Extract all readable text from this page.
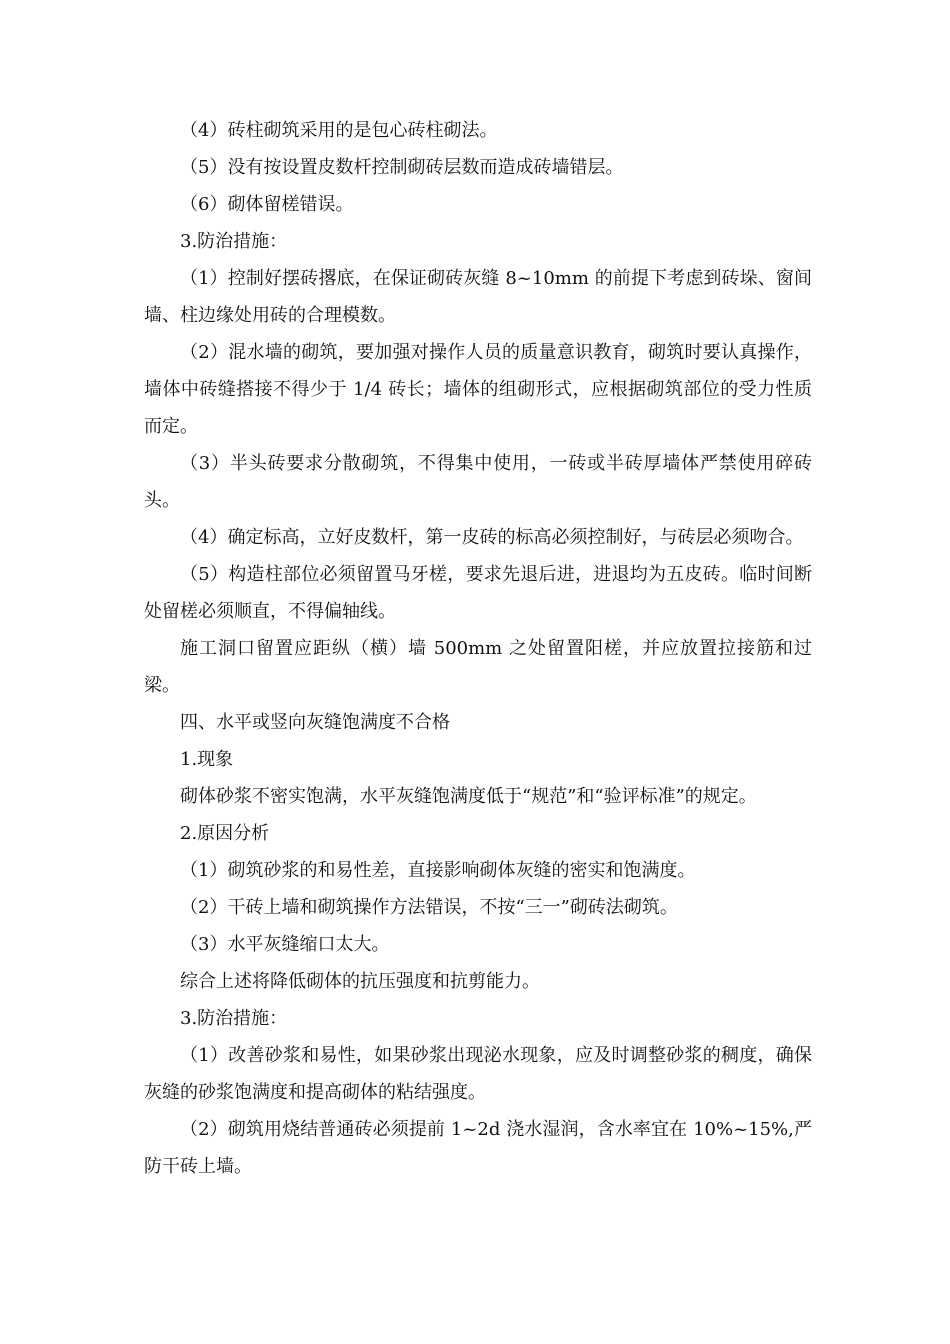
（4）砖柱砌筑采用的是包心砖柱砌法。

（5）没有按设置皮数杆控制砌砖层数而造成砖墙错层。

（6）砌体留槎错误。

3.防治措施：

（1）控制好摆砖撂底，在保证砌砖灰缝 8~10mm 的前提下考虑到砖垛、窗间墙、柱边缘处用砖的合理模数。

（2）混水墙的砌筑，要加强对操作人员的质量意识教育，砌筑时要认真操作，墙体中砖缝搭接不得少于 1/4 砖长；墙体的组砌形式，应根据砌筑部位的受力性质而定。

（3）半头砖要求分散砌筑，不得集中使用，一砖或半砖厚墙体严禁使用碎砖头。

（4）确定标高，立好皮数杆，第一皮砖的标高必须控制好，与砖层必须吻合。

（5）构造柱部位必须留置马牙槎，要求先退后进，进退均为五皮砖。临时间断处留槎必须顺直，不得偏轴线。

施工洞口留置应距纵（横）墙 500mm 之处留置阳槎，并应放置拉接筋和过梁。

四、水平或竖向灰缝饱满度不合格

1.现象

砌体砂浆不密实饱满，水平灰缝饱满度低于“规范”和“验评标准”的规定。

2.原因分析

（1）砌筑砂浆的和易性差，直接影响砌体灰缝的密实和饱满度。

（2）干砖上墙和砌筑操作方法错误，不按“三一”砌砖法砌筑。

（3）水平灰缝缩口太大。

综合上述将降低砌体的抗压强度和抗剪能力。

3.防治措施：

（1）改善砂浆和易性，如果砂浆出现泌水现象，应及时调整砂浆的稠度，确保灰缝的砂浆饱满度和提高砌体的粘结强度。

（2）砌筑用烧结普通砖必须提前 1~2d 浇水湿润，含水率宜在 10%~15%,严防干砖上墙。
